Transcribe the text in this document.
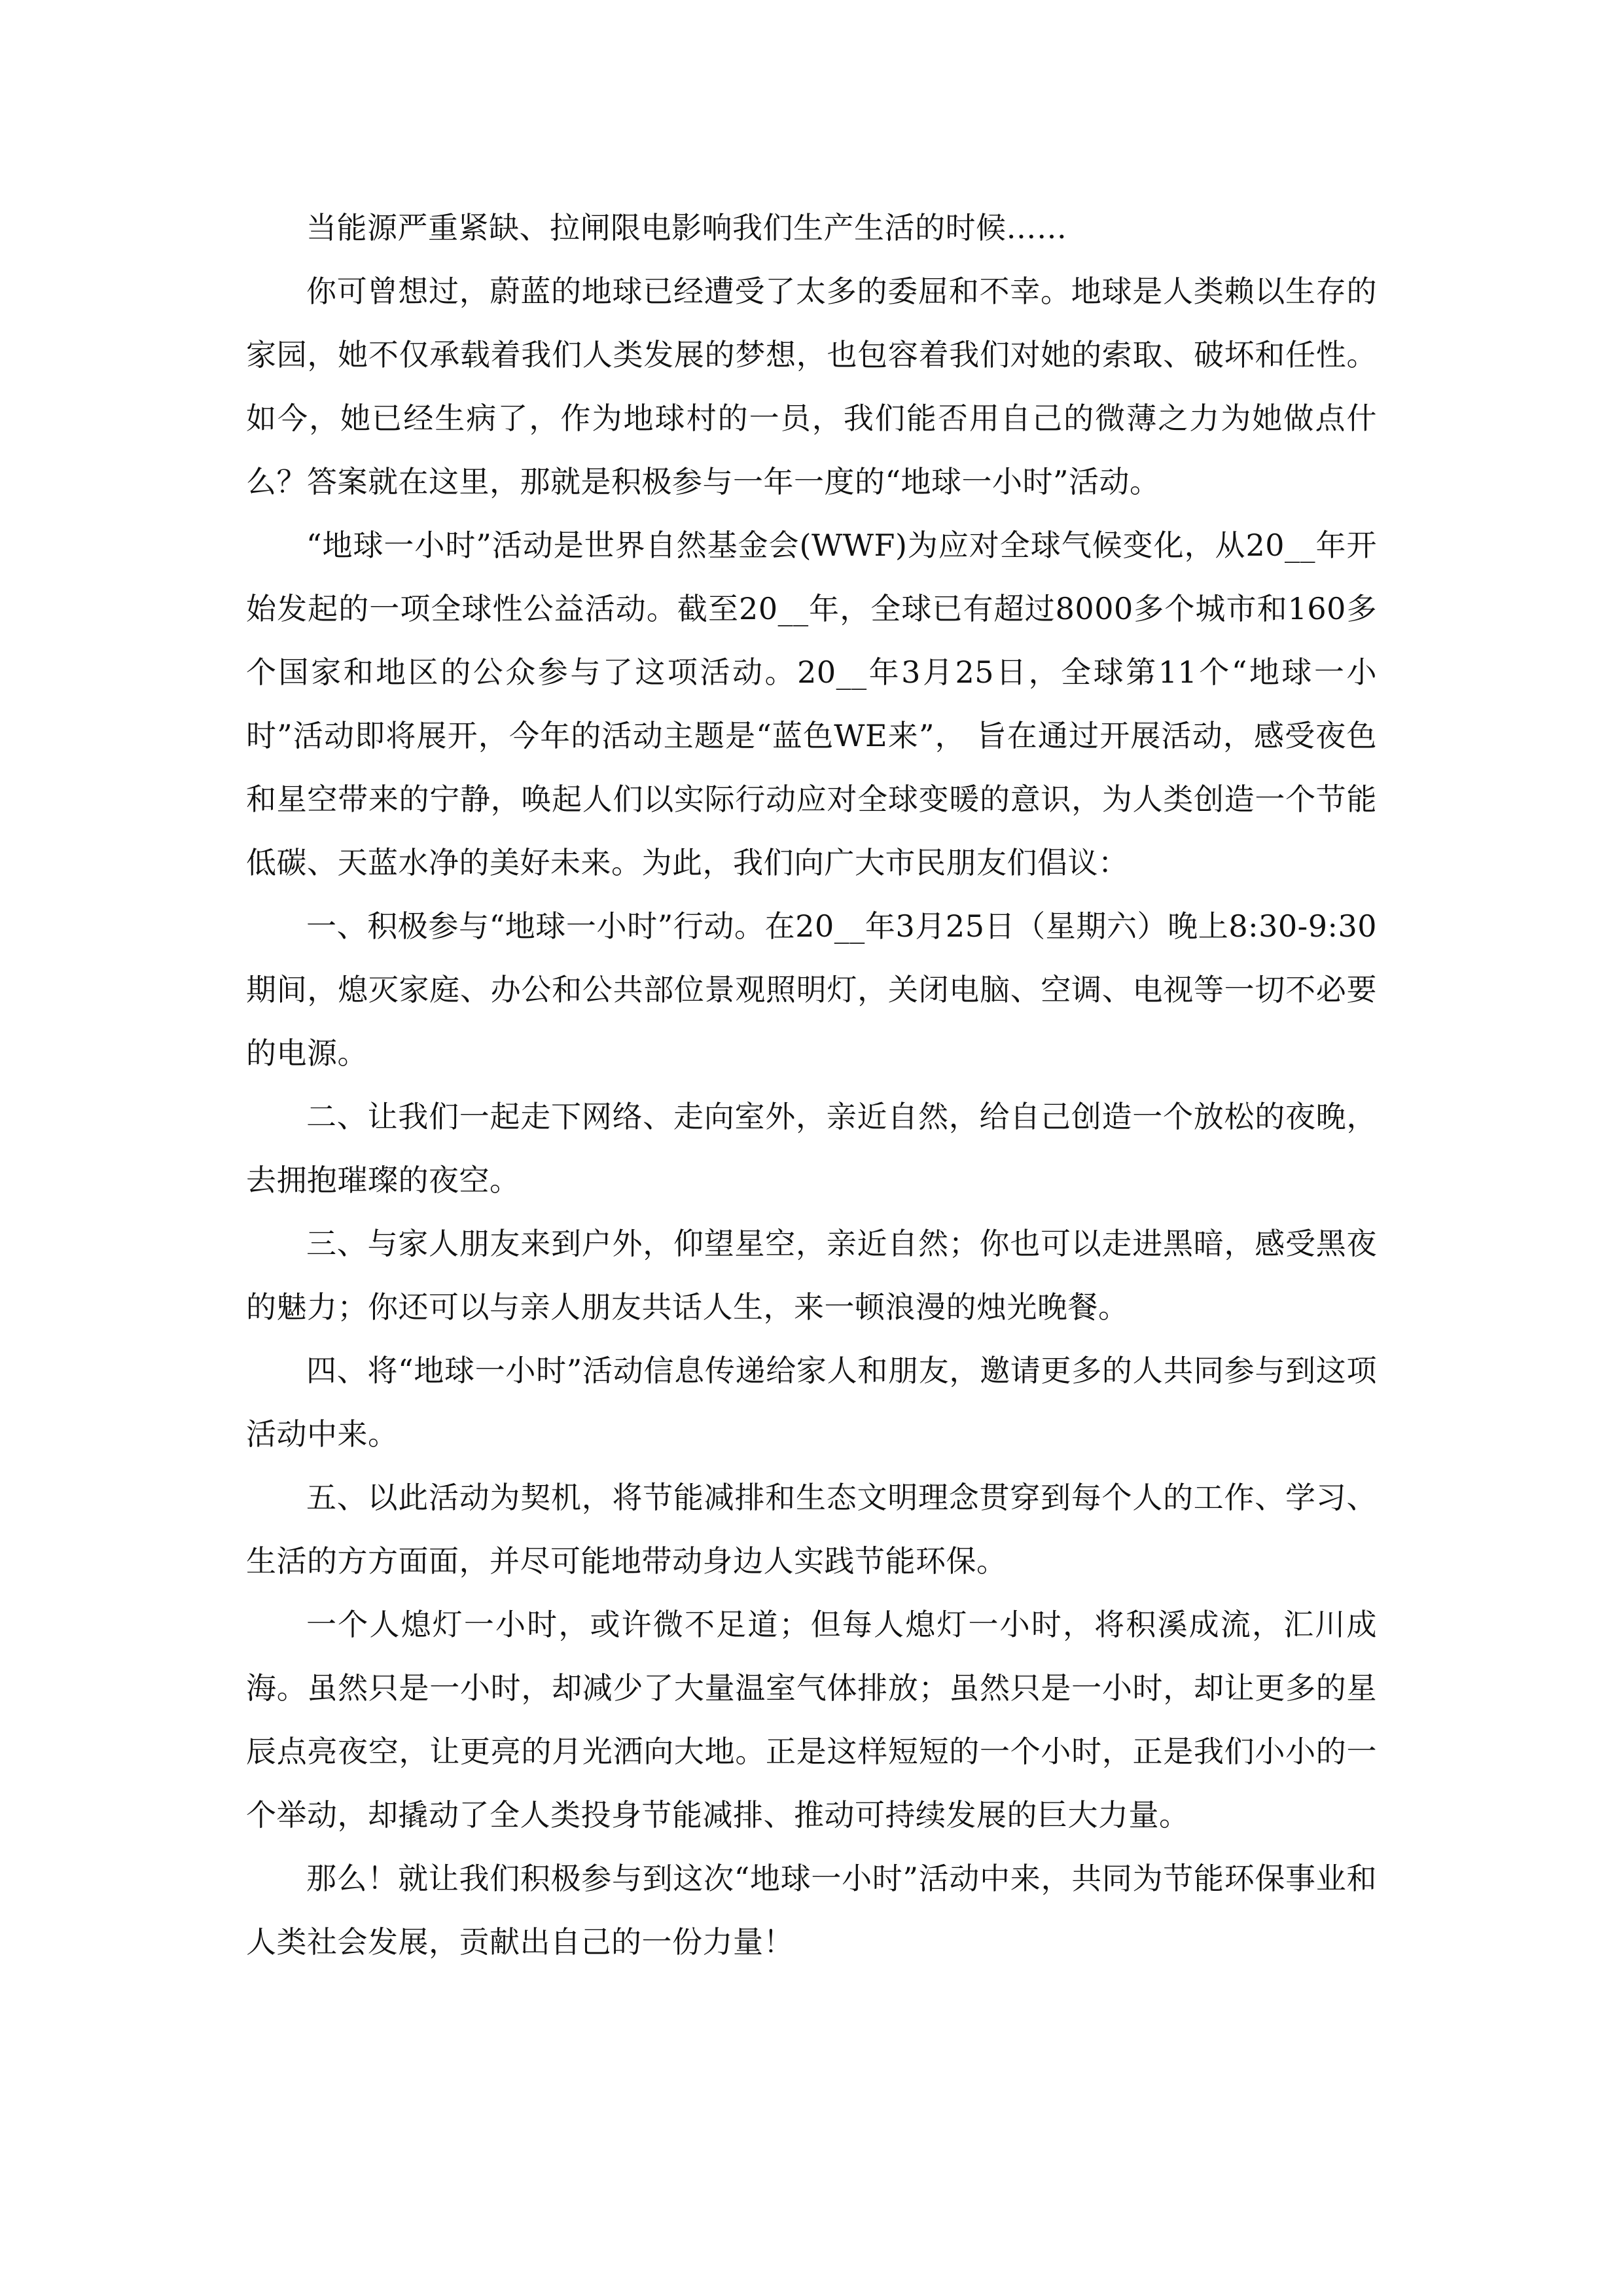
当能源严重紧缺、拉闸限电影响我们生产生活的时候……

你可曾想过，蔚蓝的地球已经遭受了太多的委屈和不幸。地球是人类赖以生存的家园，她不仅承载着我们人类发展的梦想，也包容着我们对她的索取、破坏和任性。如今，她已经生病了，作为地球村的一员，我们能否用自己的微薄之力为她做点什么？答案就在这里，那就是积极参与一年一度的“地球一小时”活动。

“地球一小时”活动是世界自然基金会(WWF)为应对全球气候变化，从20__年开始发起的一项全球性公益活动。截至20__年，全球已有超过8000多个城市和160多个国家和地区的公众参与了这项活动。20__年3月25日，全球第11个“地球一小时”活动即将展开，今年的活动主题是“蓝色WE来”， 旨在通过开展活动，感受夜色和星空带来的宁静，唤起人们以实际行动应对全球变暖的意识，为人类创造一个节能低碳、天蓝水净的美好未来。为此，我们向广大市民朋友们倡议：

一、积极参与“地球一小时”行动。在20__年3月25日（星期六）晚上8:30-9:30期间，熄灭家庭、办公和公共部位景观照明灯，关闭电脑、空调、电视等一切不必要的电源。

二、让我们一起走下网络、走向室外，亲近自然，给自己创造一个放松的夜晚，去拥抱璀璨的夜空。

三、与家人朋友来到户外，仰望星空，亲近自然；你也可以走进黑暗，感受黑夜的魅力；你还可以与亲人朋友共话人生，来一顿浪漫的烛光晚餐。

四、将“地球一小时”活动信息传递给家人和朋友，邀请更多的人共同参与到这项活动中来。

五、以此活动为契机，将节能减排和生态文明理念贯穿到每个人的工作、学习、生活的方方面面，并尽可能地带动身边人实践节能环保。

一个人熄灯一小时，或许微不足道；但每人熄灯一小时，将积溪成流，汇川成海。虽然只是一小时，却减少了大量温室气体排放；虽然只是一小时，却让更多的星辰点亮夜空，让更亮的月光洒向大地。正是这样短短的一个小时，正是我们小小的一个举动，却撬动了全人类投身节能减排、推动可持续发展的巨大力量。

那么！就让我们积极参与到这次“地球一小时”活动中来，共同为节能环保事业和人类社会发展，贡献出自己的一份力量！
